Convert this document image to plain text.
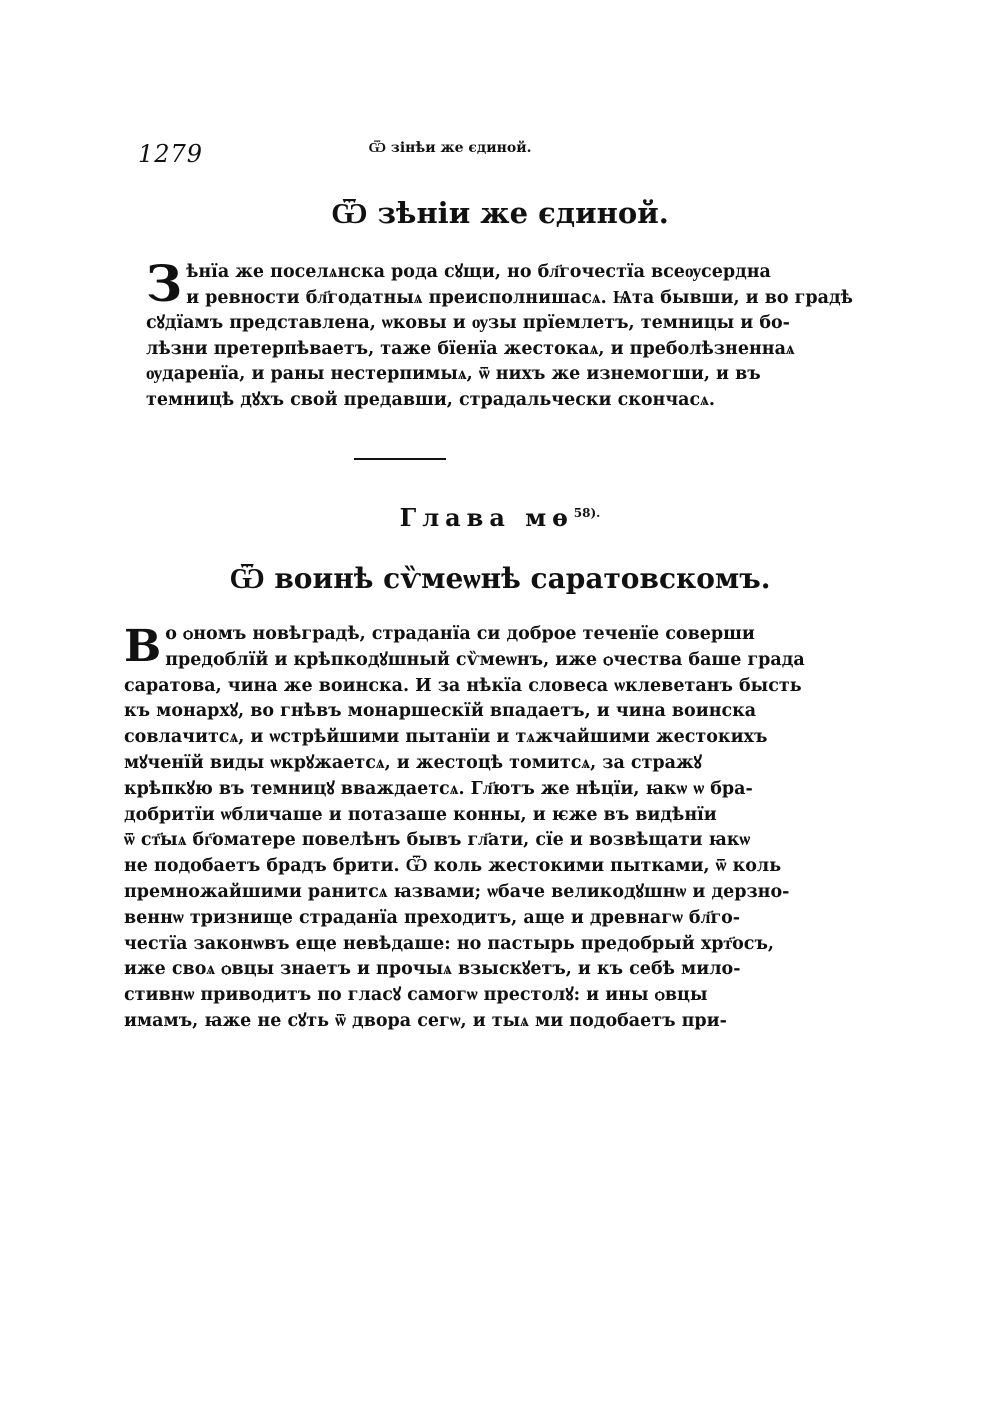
1279	Ѿ зінѣи же єдиной.
Ѿ зѣніи же єдиной.
З ѣнїа же поселѧнска рода сꙋщи, но бл҃гочестїа всеѹсердна
и ревности бл҃годатныѧ преисполнишасѧ. Ѩта бывши, и во градѣ
сꙋдїамъ представлена, ѡковы и ѹзы прїемлетъ, темницы и бо-
лѣзни претерпѣваетъ, таже бїенїа жестокаѧ, и преболѣзненнаѧ
ѹдаренїа, и раны нестерпимыѧ, ѿ нихъ же изнемогши, и въ
темницѣ дꙋхъ свой предавши, страдальчески скончасѧ.
Глава $мѳ^{58).}$
Ѿ воинѣ сѷмеѡнѣ саратовскомъ.
В о ѻномъ новѣградѣ, страданїа си доброе теченїе соверши
предоблїй и крѣпкодꙋшный сѷмеѡнъ, иже ѻчества баше града
саратова, чина же воинска. И за нѣкїа словеса ѡклеветанъ бысть
къ монархꙋ, во гнѣвъ монаршескїй впадаетъ, и чина воинска
совлачитсѧ, и ѡстрѣйшими пытанїи и тѧжчайшими жестокихъ
мꙋченїй виды ѡкрꙋжаетсѧ, и жестоцѣ томитсѧ, за стражꙋ
крѣпкꙋю въ темницꙋ вваждаетсѧ. Гл҃ютъ же нѣцїи, ꙗкѡ ѡ бра-
добритїи ѡбличаше и потазаше конны, и ѥже въ видѣнїи
ѿ ст҃ыѧ бг҃оматере повелѣнъ бывъ гл҃ати, сїе и возвѣщати ꙗкѡ
не подобаетъ брадъ брити. Ѿ коль жестокими пытками, ѿ коль
премножайшими ранитсѧ ꙗзвами; ѡбаче великодꙋшнѡ и дерзно-
веннѡ тризнище страданїа преходитъ, аще и древнагѡ бл҃го-
честїа законѡвъ еще невѣдаше: но пастырь предобрый хрт҃осъ,
иже своѧ ѻвцы знаетъ и прочыѧ взыскꙋетъ, и къ себѣ мило-
стивнѡ приводитъ по гласꙋ самогѡ престолꙋ: и ины ѻвцы
имамъ, ꙗже не сꙋть ѿ двора сегѡ, и тыѧ ми подобаетъ при-
